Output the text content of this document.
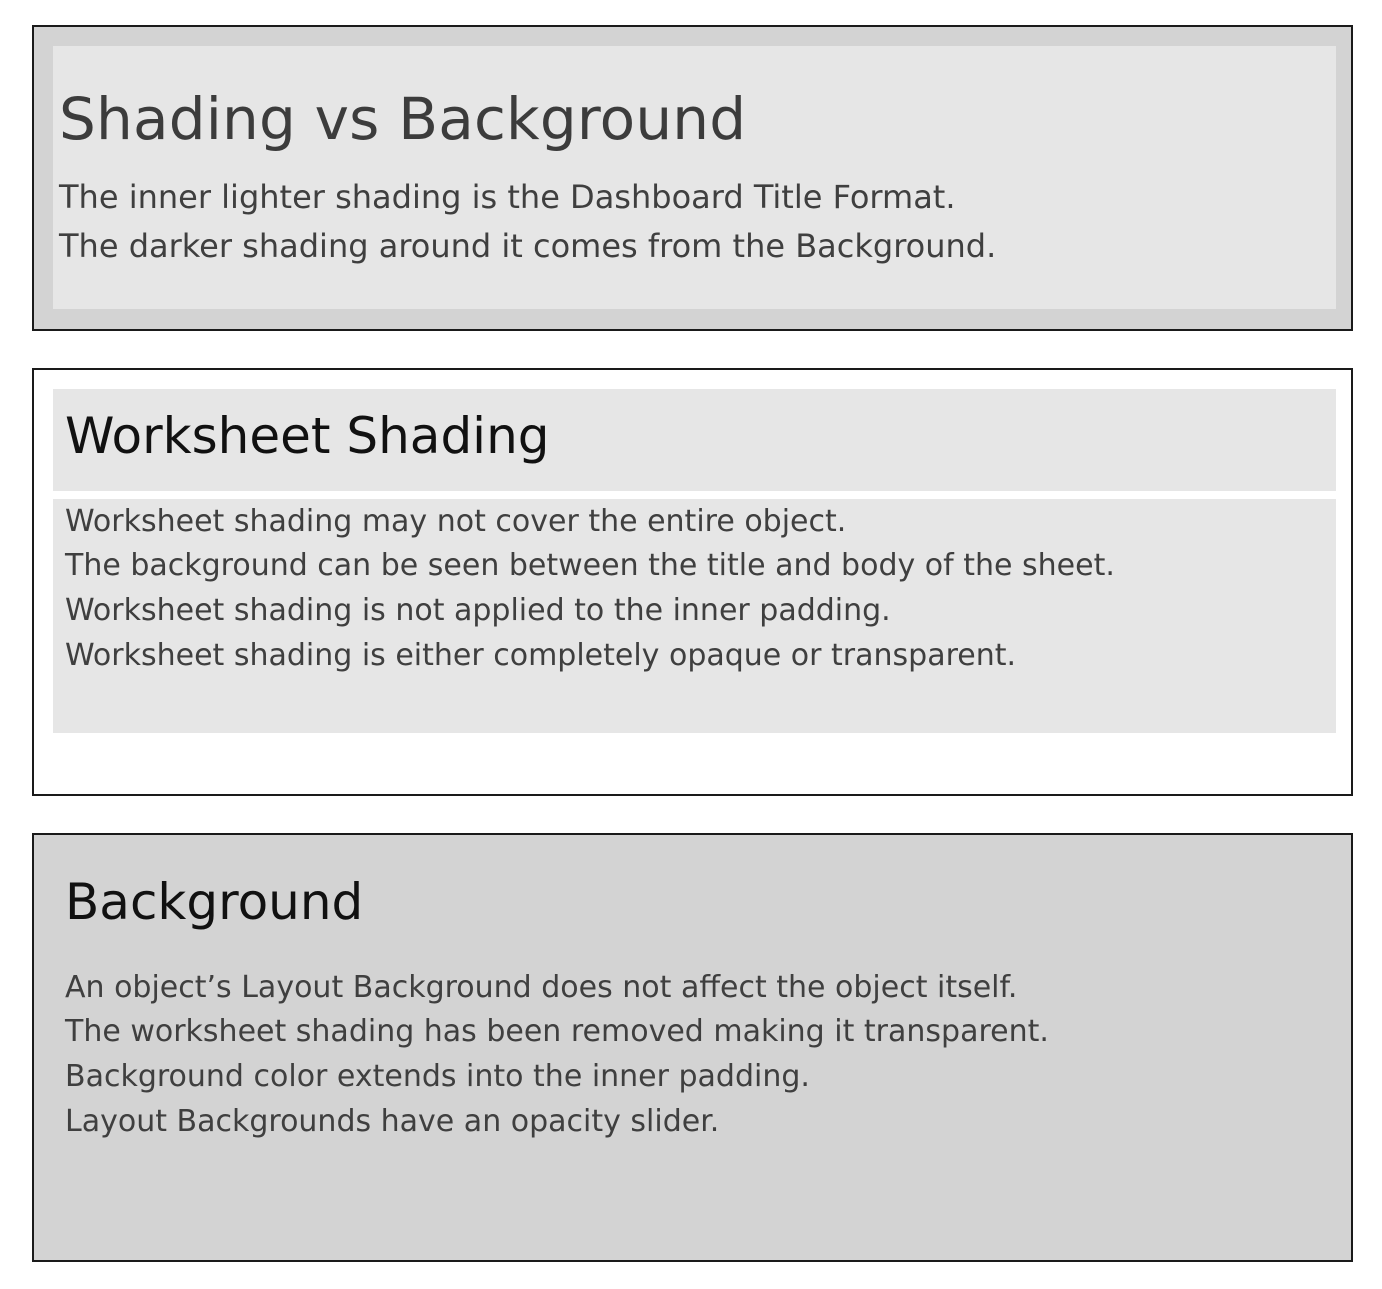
Shading vs Background
The inner lighter shading is the Dashboard Title Format.
The darker shading around it comes from the Background.
Worksheet Shading
Worksheet shading may not cover the entire object.
The background can be seen between the title and body of the sheet.
Worksheet shading is not applied to the inner padding.
Worksheet shading is either completely opaque or transparent.
Background
An object’s Layout Background does not affect the object itself.
The worksheet shading has been removed making it transparent.
Background color extends into the inner padding.
Layout Backgrounds have an opacity slider.
